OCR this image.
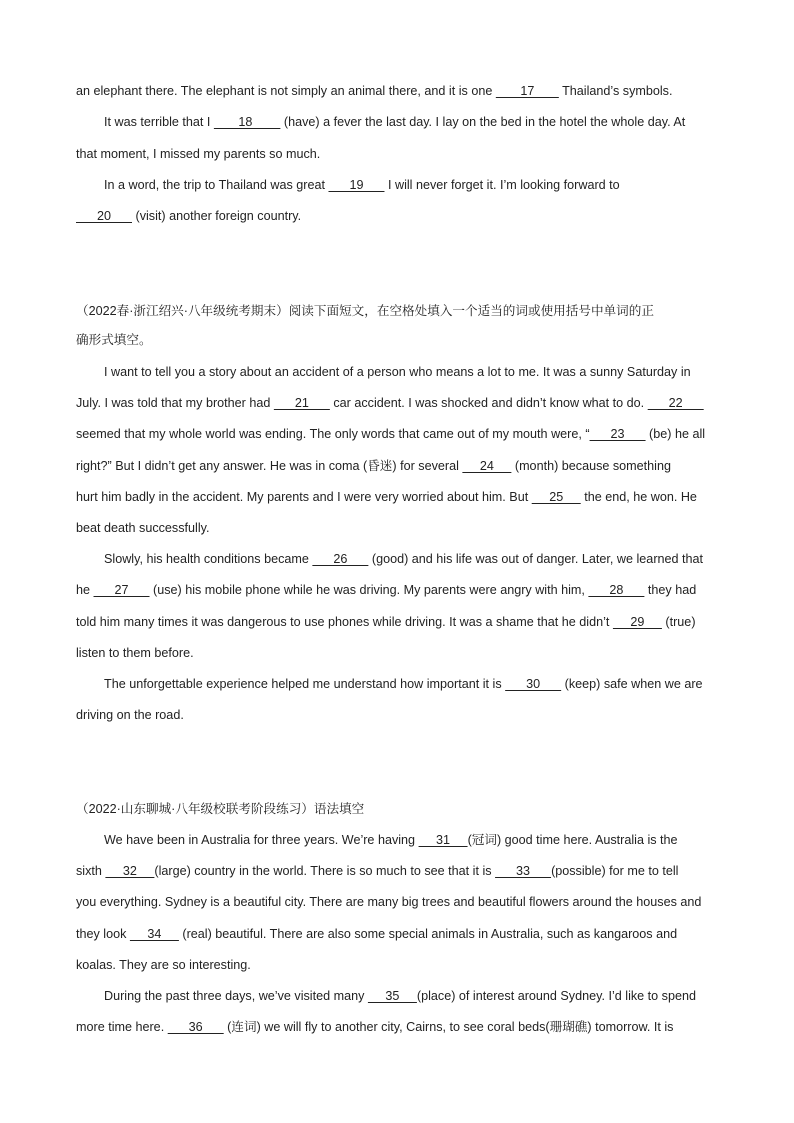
an elephant there. The elephant is not simply an animal there, and it is one        17        Thailand’s symbols.
It was terrible that I        18         (have) a fever the last day. I lay on the bed in the hotel the whole day. At
that moment, I missed my parents so much.
In a word, the trip to Thailand was great       19       I will never forget it. I’m looking forward to
20       (visit) another foreign country.
（2022春·浙江绍兴·八年级统考期末）阅读下面短文，在空格处填入一个适当的词或使用括号中单词的正
确形式填空。
I want to tell you a story about an accident of a person who means a lot to me. It was a sunny Saturday in
July. I was told that my brother had       21       car accident. I was shocked and didn’t know what to do.       22
seemed that my whole world was ending. The only words that came out of my mouth were, “      23       (be) he all
right?” But I didn’t get any answer. He was in coma (昏迷) for several      24      (month) because something
hurt him badly in the accident. My parents and I were very worried about him. But      25      the end, he won. He
beat death successfully.
Slowly, his health conditions became       26       (good) and his life was out of danger. Later, we learned that
he       27       (use) his mobile phone while he was driving. My parents were angry with him,       28       they had
told him many times it was dangerous to use phones while driving. It was a shame that he didn’t      29      (true)
listen to them before.
The unforgettable experience helped me understand how important it is       30       (keep) safe when we are
driving on the road.
（2022·山东聊城·八年级校联考阶段练习）语法填空
We have been in Australia for three years. We’re having      31     (冠词) good time here. Australia is the
sixth      32     (large) country in the world. There is so much to see that it is       33      (possible) for me to tell
you everything. Sydney is a beautiful city. There are many big trees and beautiful flowers around the houses and
they look      34      (real) beautiful. There are also some special animals in Australia, such as kangaroos and
koalas. They are so interesting.
During the past three days, we’ve visited many      35     (place) of interest around Sydney. I’d like to spend
more time here.       36       (连词) we will fly to another city, Cairns, to see coral beds(珊瑚礁) tomorrow. It is
